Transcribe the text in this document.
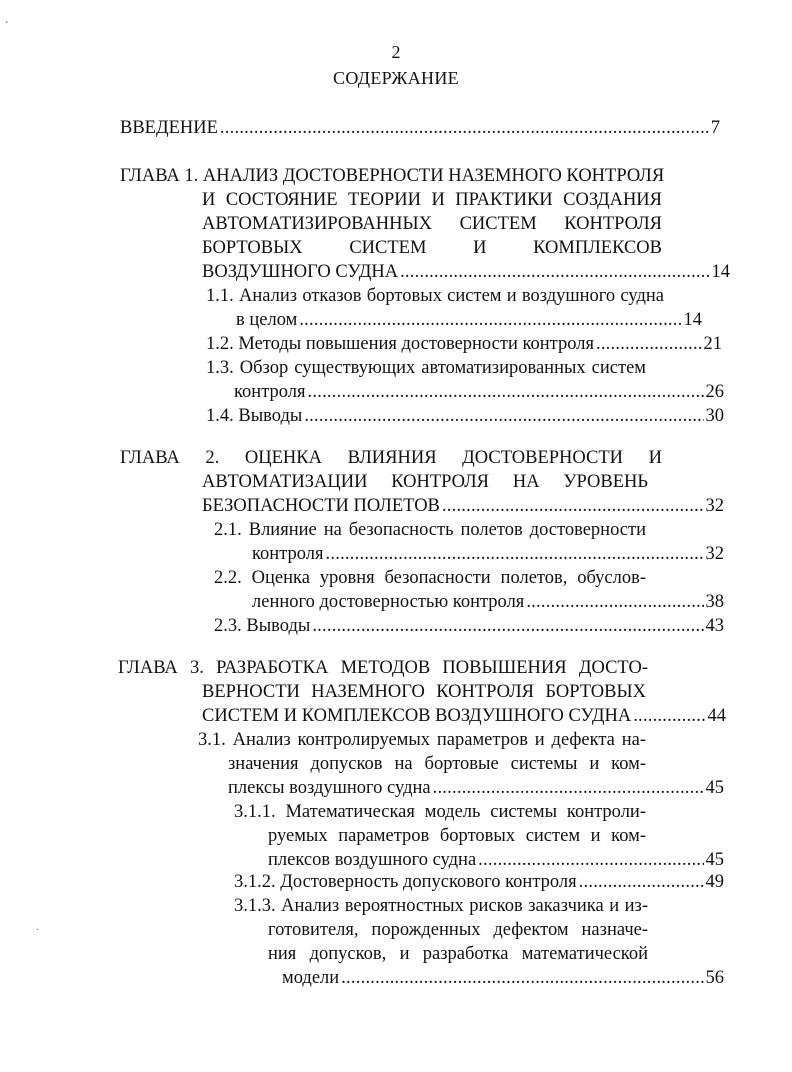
'
.
2
СОДЕРЖАНИЕ
ВВЕДЕНИЕ . . .	7
ГЛАВА 1. АНАЛИЗ ДОСТОВЕРНОСТИ НАЗЕМНОГО КОНТРОЛЯ
И СОСТОЯНИЕ ТЕОРИИ И ПРАКТИКИ СОЗДАНИЯ
АВТОМАТИЗИРОВАННЫХ СИСТЕМ КОНТРОЛЯ
БОРТОВЫХ СИСТЕМ И КОМПЛЕКСОВ
ВОЗДУШНОГО СУДНА . . .	14
1.1. Анализ отказов бортовых систем и воздушного судна
в целом . . .	14
1.2.
Методы повышения достоверности контроля . . .	21
1.3. Обзор существующих автоматизированных систем
контроля . . .	26
1.4.
Выводы . . .	30
ГЛАВА 2. ОЦЕНКА ВЛИЯНИЯ ДОСТОВЕРНОСТИ И
АВТОМАТИЗАЦИИ КОНТРОЛЯ НА УРОВЕНЬ
БЕЗОПАСНОСТИ ПОЛЕТОВ . . .	32
2.1. Влияние на безопасность полетов достоверности
контроля . . .	32
2.2. Оценка уровня безопасности полетов, обуслов-
ленного достоверностью контроля . . .	38
2.3.
Выводы . . .	43
ГЛАВА 3. РАЗРАБОТКА МЕТОДОВ ПОВЫШЕНИЯ ДОСТО-
ВЕРНОСТИ НАЗЕМНОГО КОНТРОЛЯ БОРТОВЫХ
СИСТЕМ И КОМПЛЕКСОВ ВОЗДУШНОГО СУДНА . . .	44
3.1. Анализ контролируемых параметров и дефекта на-
значения допусков на бортовые системы и ком-
плексы воздушного судна . . .	45
3.1.1. Математическая модель системы контроли-
руемых параметров бортовых систем и ком-
плексов воздушного судна . . .	45
3.1.2.
Достоверность допускового контроля . . .	49
3.1.3. Анализ вероятностных рисков заказчика и из-
готовителя, порожденных дефектом назначе-
ния допусков, и разработка математической
модели . . .	56
